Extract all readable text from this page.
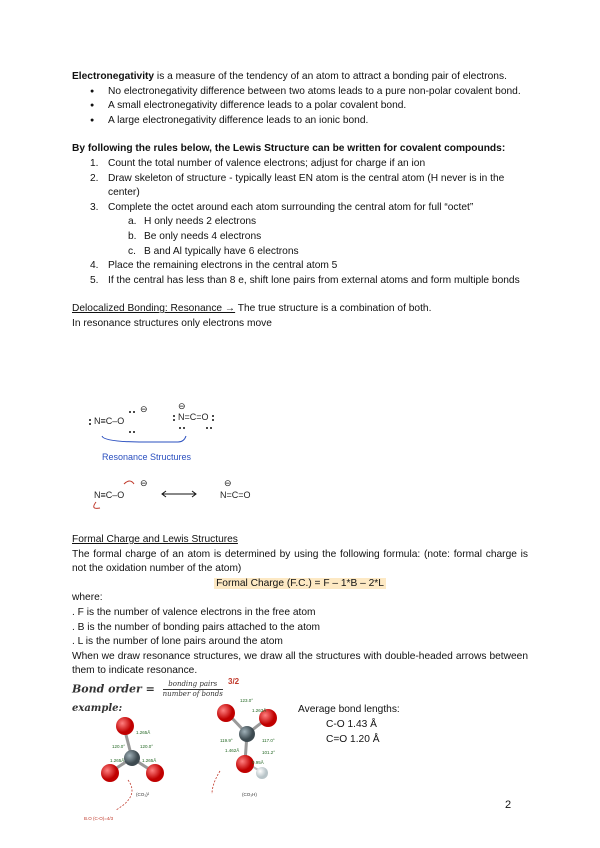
Electronegativity is a measure of the tendency of an atom to attract a bonding pair of electrons.

● No electronegativity difference between two atoms leads to a pure non-polar covalent bond.
● A small electronegativity difference leads to a polar covalent bond.
● A large electronegativity difference leads to an ionic bond.

By following the rules below, the Lewis Structure can be written for covalent compounds:

1. Count the total number of valence electrons; adjust for charge if an ion
2. Draw skeleton of structure - typically least EN atom is the central atom (H never is in the center)
3. Complete the octet around each atom surrounding the central atom for full “octet”
a. H only needs 2 electrons
b. Be only needs 4 electrons
c. B and Al typically have 6 electrons
4. Place the remaining electrons in the central atom 5
5. If the central has less than 8 e, shift lone pairs from external atoms and form multiple bonds

Delocalized Bonding: Resonance → The true structure is a combination of both.

In resonance structures only electrons move

N≡C–O
⊖
N=C=O
⊖
Resonance Structures
N≡C–O
⊖
N=C=O
⊖

Formal Charge and Lewis Structures

The formal charge of an atom is determined by using the following formula: (note: formal charge is not the oxidation number of the atom)

Formal Charge (F.C.) = F – 1*B – 2*L

where:

. F is the number of valence electrons in the free atom

. B is the number of bonding pairs attached to the atom

. L is the number of lone pairs around the atom

When we draw resonance structures, we draw all the structures with double-headed arrows between them to indicate resonance.

Bond order = $\frac{\text{bonding pairs}}{\text{number of bonds}}$
example:	Average bond lengths:
C-O 1.43 Å
C=O 1.20 Å
1.265Å
120.0°	120.0°
1.265Å	1.265Å
(CO₃)²
B.O (C-O)=4/3
3/2
123.0°
1.263Å
119.9°	117.0°
1.462Å	101.2°
0.95Å
(CO₃H)
2
